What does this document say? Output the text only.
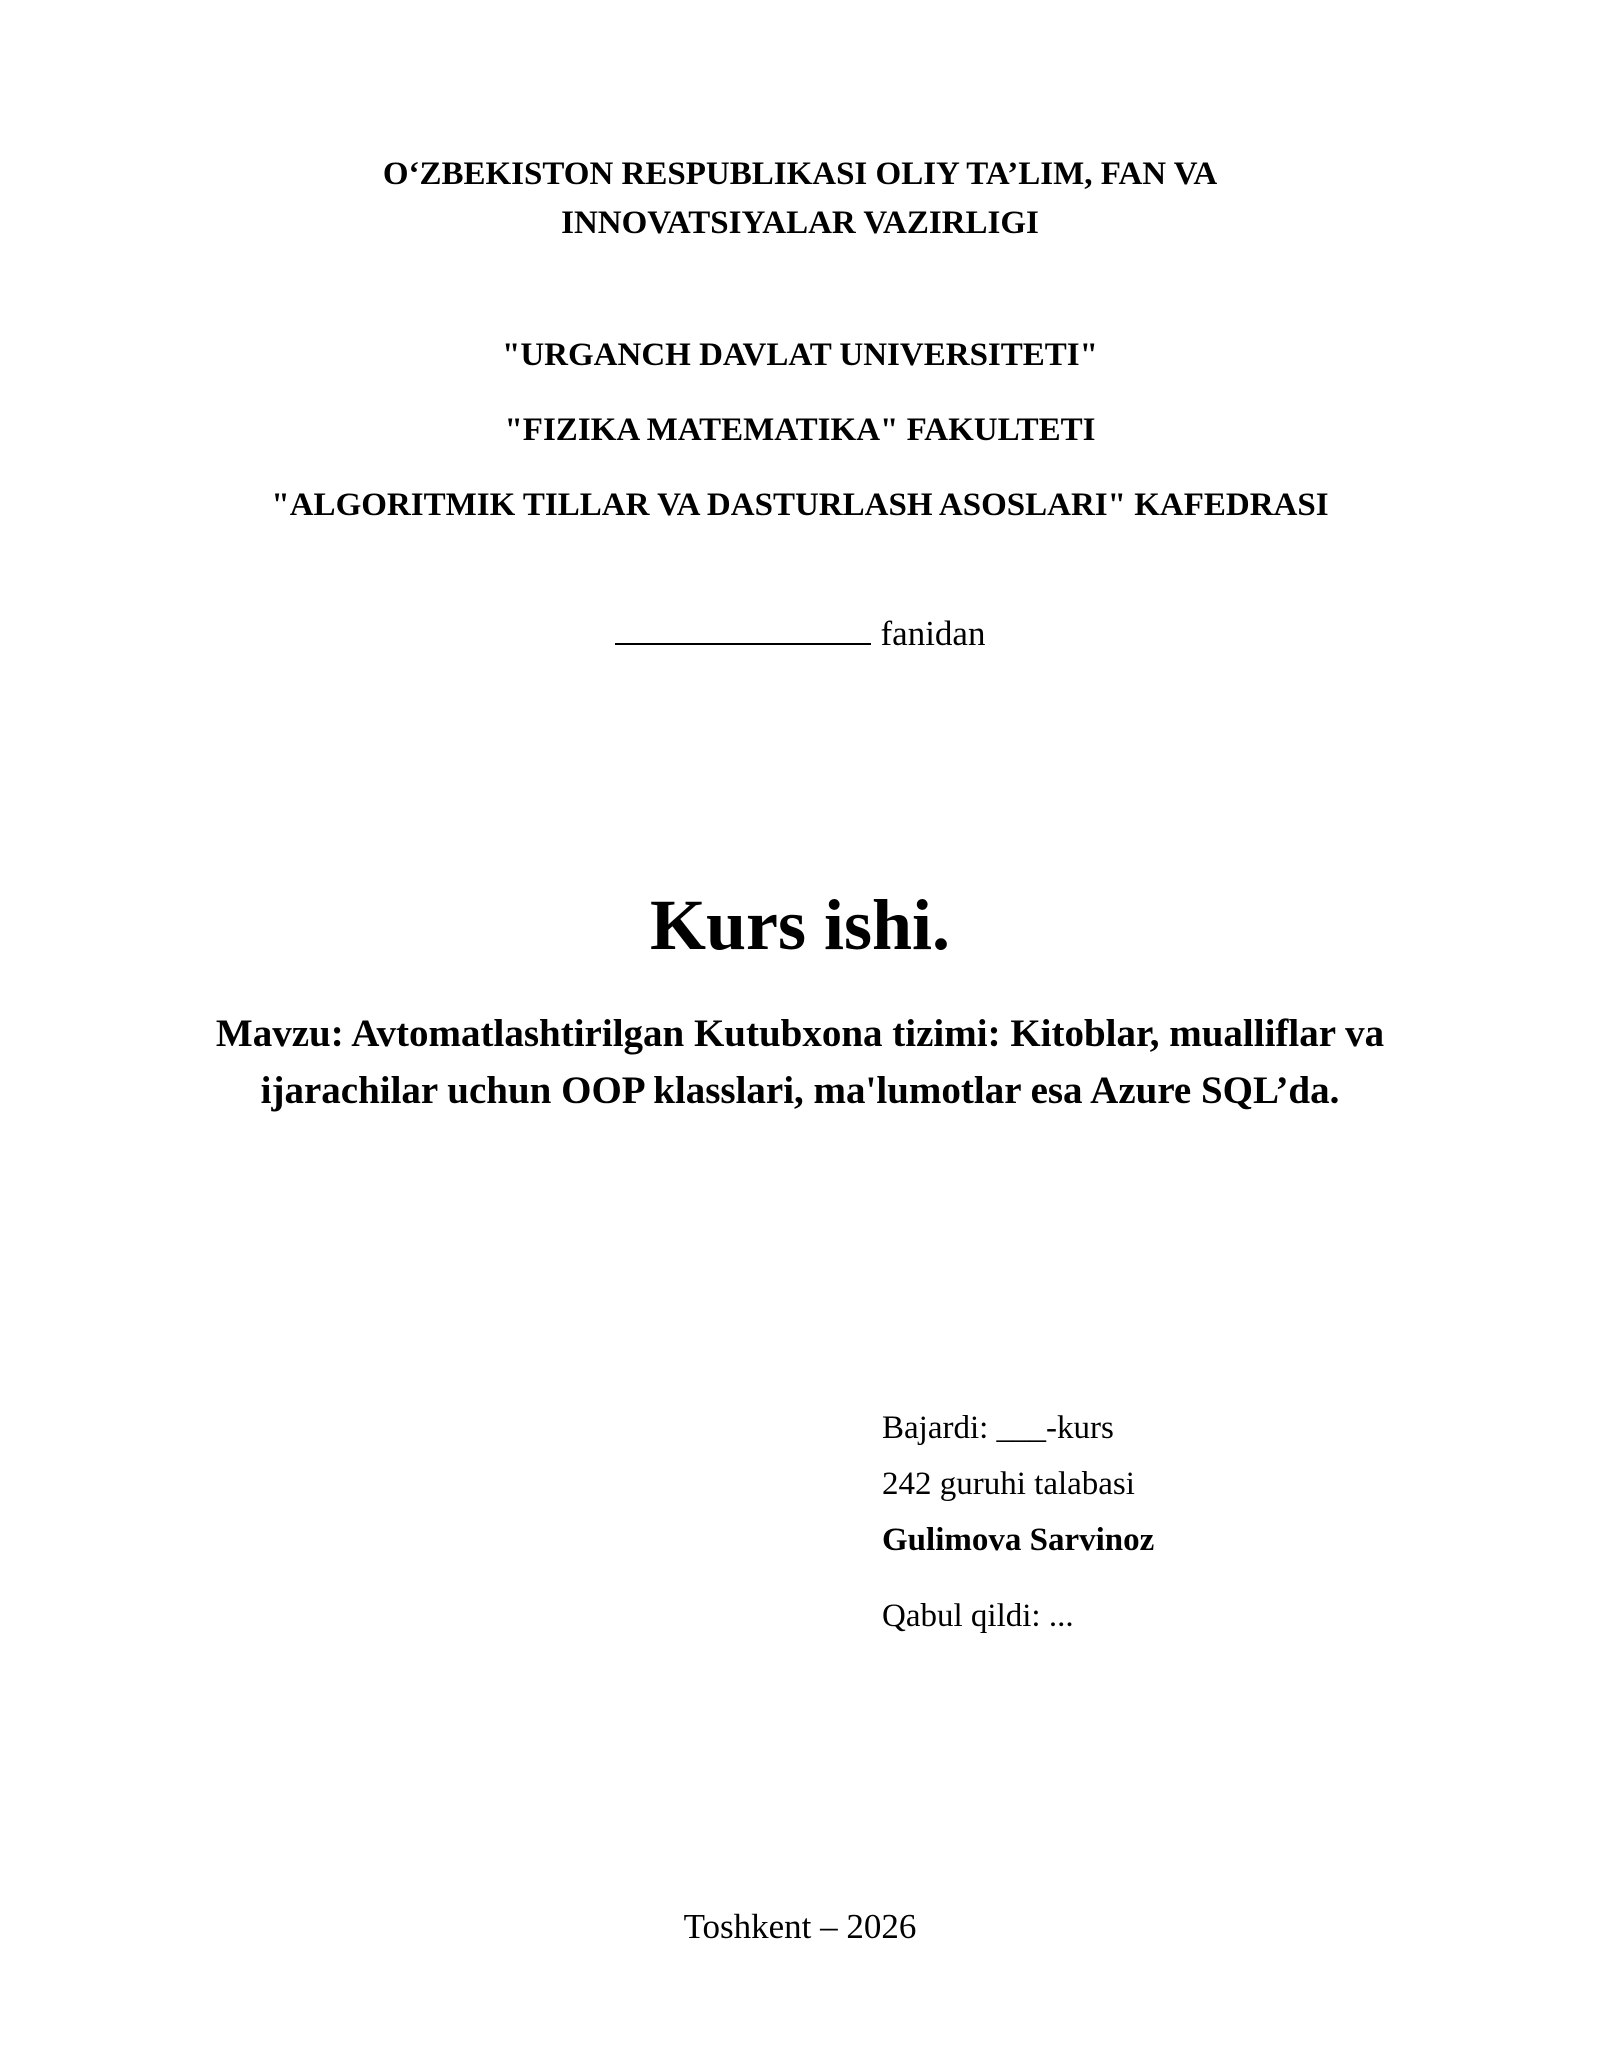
O‘ZBEKISTON RESPUBLIKASI OLIY TA’LIM, FAN VA
INNOVATSIYALAR VAZIRLIGI
"URGANCH DAVLAT UNIVERSITETI"
"FIZIKA MATEMATIKA" FAKULTETI
"ALGORITMIK TILLAR VA DASTURLASH ASOSLARI" KAFEDRASI
fanidan
Kurs ishi.
Mavzu: Avtomatlashtirilgan Kutubxona tizimi: Kitoblar, mualliflar va
ijarachilar uchun OOP klasslari, ma'lumotlar esa Azure SQL’da.
Bajardi: ___-kurs
242 guruhi talabasi
Gulimova Sarvinoz
Qabul qildi: ...
Toshkent – 2026
